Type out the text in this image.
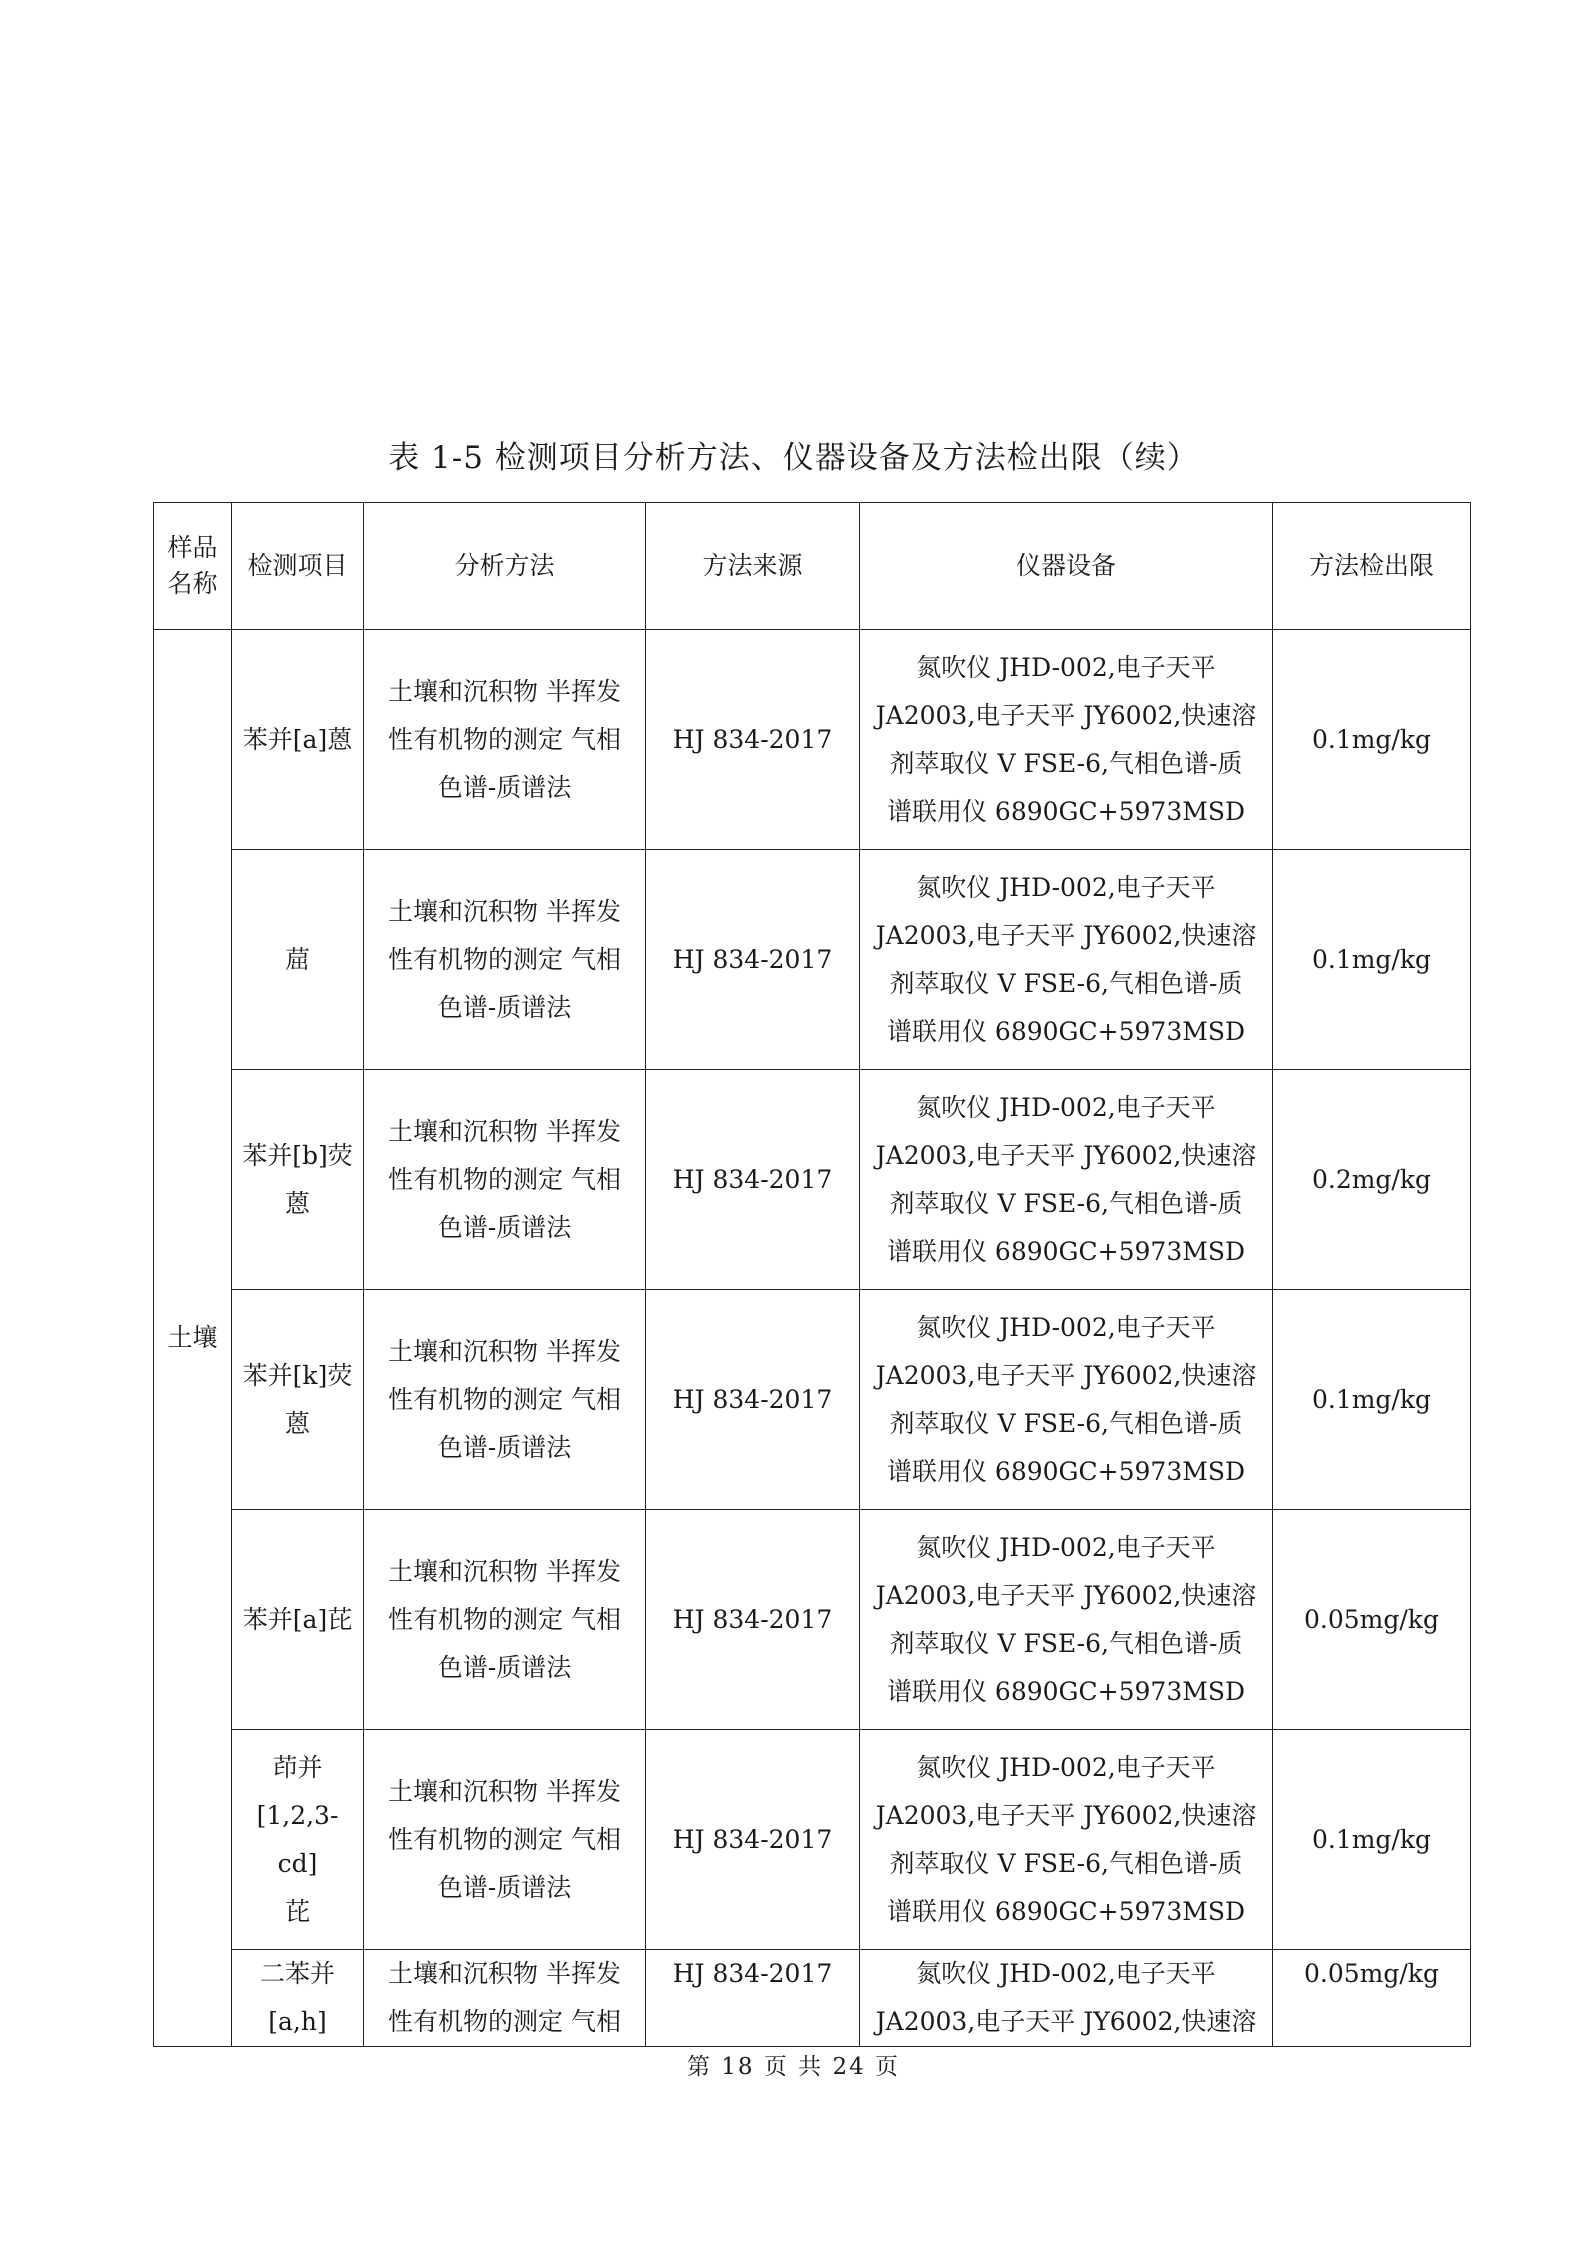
表 1-5 检测项目分析方法、仪器设备及方法检出限（续）
样品
名称	检测项目	分析方法	方法来源	仪器设备	方法检出限
土壤	苯并[a]蒽	土壤和沉积物 半挥发
性有机物的测定 气相
色谱-质谱法	HJ 834-2017	氮吹仪 JHD-002,电子天平
JA2003,电子天平 JY6002,快速溶
剂萃取仪 V FSE-6,气相色谱-质
谱联用仪 6890GC+5973MSD	0.1mg/kg

	䓛	土壤和沉积物 半挥发
性有机物的测定 气相
色谱-质谱法	HJ 834-2017	氮吹仪 JHD-002,电子天平
JA2003,电子天平 JY6002,快速溶
剂萃取仪 V FSE-6,气相色谱-质
谱联用仪 6890GC+5973MSD	0.1mg/kg

	苯并[b]荧
蒽	土壤和沉积物 半挥发
性有机物的测定 气相
色谱-质谱法	HJ 834-2017	氮吹仪 JHD-002,电子天平
JA2003,电子天平 JY6002,快速溶
剂萃取仪 V FSE-6,气相色谱-质
谱联用仪 6890GC+5973MSD	0.2mg/kg

	苯并[k]荧
蒽	土壤和沉积物 半挥发
性有机物的测定 气相
色谱-质谱法	HJ 834-2017	氮吹仪 JHD-002,电子天平
JA2003,电子天平 JY6002,快速溶
剂萃取仪 V FSE-6,气相色谱-质
谱联用仪 6890GC+5973MSD	0.1mg/kg

	苯并[a]芘	土壤和沉积物 半挥发
性有机物的测定 气相
色谱-质谱法	HJ 834-2017	氮吹仪 JHD-002,电子天平
JA2003,电子天平 JY6002,快速溶
剂萃取仪 V FSE-6,气相色谱-质
谱联用仪 6890GC+5973MSD	0.05mg/kg

	茚并
[1,2,3-cd]
芘	土壤和沉积物 半挥发
性有机物的测定 气相
色谱-质谱法	HJ 834-2017	氮吹仪 JHD-002,电子天平
JA2003,电子天平 JY6002,快速溶
剂萃取仪 V FSE-6,气相色谱-质
谱联用仪 6890GC+5973MSD	0.1mg/kg

	二苯并[a,h]	土壤和沉积物 半挥发
性有机物的测定 气相	HJ 834-2017	氮吹仪 JHD-002,电子天平
JA2003,电子天平 JY6002,快速溶	0.05mg/kg
第 18 页 共 24 页
